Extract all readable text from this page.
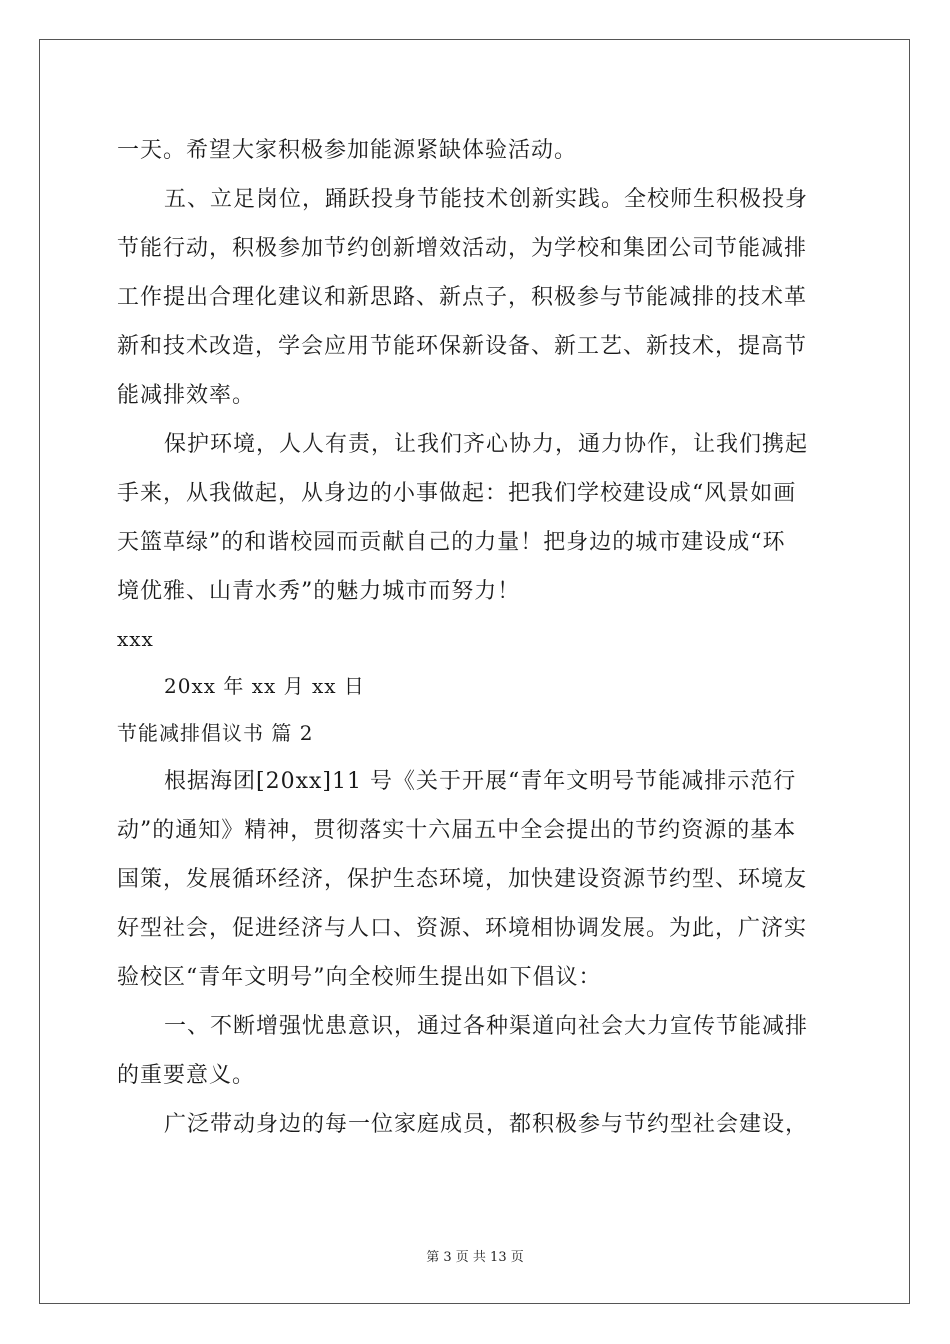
一天。希望大家积极参加能源紧缺体验活动。

五、立足岗位，踊跃投身节能技术创新实践。全校师生积极投身
节能行动，积极参加节约创新增效活动，为学校和集团公司节能减排
工作提出合理化建议和新思路、新点子，积极参与节能减排的技术革
新和技术改造，学会应用节能环保新设备、新工艺、新技术，提高节
能减排效率。

保护环境，人人有责，让我们齐心协力，通力协作，让我们携起
手来，从我做起，从身边的小事做起：把我们学校建设成“风景如画
天篮草绿”的和谐校园而贡献自己的力量！把身边的城市建设成“环
境优雅、山青水秀”的魅力城市而努力！

xxx

20xx 年 xx 月 xx 日

节能减排倡议书 篇 2

根据海团[20xx]11 号《关于开展“青年文明号节能减排示范行
动”的通知》精神，贯彻落实十六届五中全会提出的节约资源的基本
国策，发展循环经济，保护生态环境，加快建设资源节约型、环境友
好型社会，促进经济与人口、资源、环境相协调发展。为此，广济实
验校区“青年文明号”向全校师生提出如下倡议：

一、不断增强忧患意识，通过各种渠道向社会大力宣传节能减排
的重要意义。

广泛带动身边的每一位家庭成员，都积极参与节约型社会建设，

第 3 页 共 13 页
